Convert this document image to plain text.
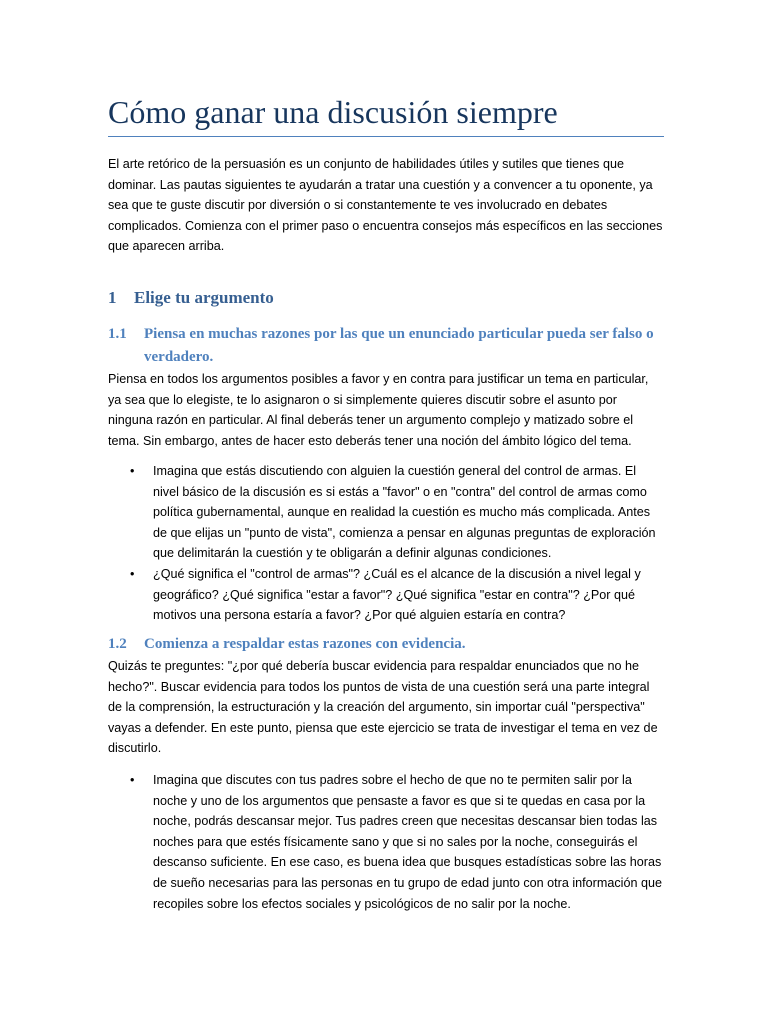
Cómo ganar una discusión siempre

El arte retórico de la persuasión es un conjunto de habilidades útiles y sutiles que tienes que dominar. Las pautas siguientes te ayudarán a tratar una cuestión y a convencer a tu oponente, ya sea que te guste discutir por diversión o si constantemente te ves involucrado en debates complicados. Comienza con el primer paso o encuentra consejos más específicos en las secciones que aparecen arriba.

1 Elige tu argumento
1.1 Piensa en muchas razones por las que un enunciado particular pueda ser falso o verdadero.

Piensa en todos los argumentos posibles a favor y en contra para justificar un tema en particular, ya sea que lo elegiste, te lo asignaron o si simplemente quieres discutir sobre el asunto por ninguna razón en particular. Al final deberás tener un argumento complejo y matizado sobre el tema. Sin embargo, antes de hacer esto deberás tener una noción del ámbito lógico del tema.

• Imagina que estás discutiendo con alguien la cuestión general del control de armas. El nivel básico de la discusión es si estás a "favor" o en "contra" del control de armas como política gubernamental, aunque en realidad la cuestión es mucho más complicada. Antes de que elijas un "punto de vista", comienza a pensar en algunas preguntas de exploración que delimitarán la cuestión y te obligarán a definir algunas condiciones.
• ¿Qué significa el "control de armas"? ¿Cuál es el alcance de la discusión a nivel legal y geográfico? ¿Qué significa "estar a favor"? ¿Qué significa "estar en contra"? ¿Por qué motivos una persona estaría a favor? ¿Por qué alguien estaría en contra?
1.2 Comienza a respaldar estas razones con evidencia.

Quizás te preguntes: "¿por qué debería buscar evidencia para respaldar enunciados que no he hecho?". Buscar evidencia para todos los puntos de vista de una cuestión será una parte integral de la comprensión, la estructuración y la creación del argumento, sin importar cuál "perspectiva" vayas a defender. En este punto, piensa que este ejercicio se trata de investigar el tema en vez de discutirlo.

• Imagina que discutes con tus padres sobre el hecho de que no te permiten salir por la noche y uno de los argumentos que pensaste a favor es que si te quedas en casa por la noche, podrás descansar mejor. Tus padres creen que necesitas descansar bien todas las noches para que estés físicamente sano y que si no sales por la noche, conseguirás el descanso suficiente. En ese caso, es buena idea que busques estadísticas sobre las horas de sueño necesarias para las personas en tu grupo de edad junto con otra información que recopiles sobre los efectos sociales y psicológicos de no salir por la noche.
